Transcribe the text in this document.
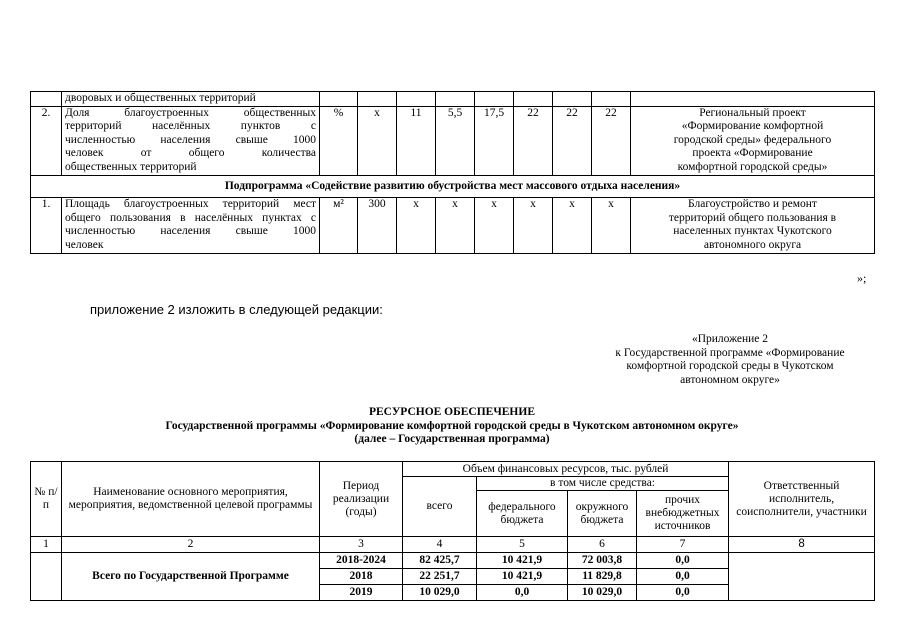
	дворовых и общественных территорий									
2.	Доля благоустроенных общественных
территорий населённых пунктов с
численностью населения свыше 1000
человек от общего количества
общественных территорий	%	x	11	5,5	17,5	22	22	22	Региональный проект
«Формирование комфортной
городской среды» федерального
проекта «Формирование
комфортной городской среды»

Подпрограмма «Содействие развитию обустройства мест массового отдыха населения»										
1.	Площадь благоустроенных территорий мест
общего пользования в населённых пунктах с
численностью населения свыше 1000
человек	м²	300	x	x	x	x	x	x	Благоустройство и ремонт
территорий общего пользования в
населенных пунктах Чукотского
автономного округа
»;
приложение 2 изложить в следующей редакции:
«Приложение 2
к Государственной программе «Формирование
комфортной городской среды в Чукотском
автономном округе»
РЕСУРСНОЕ ОБЕСПЕЧЕНИЕ
Государственной программы «Формирование комфортной городской среды в Чукотском автономном округе»
(далее – Государственная программа)
№ п/п	Наименование основного мероприятия, мероприятия, ведомственной целевой программы	Период реализации (годы)	Объем финансовых ресурсов, тыс. рублей				Ответственный исполнитель, соисполнители, участники
			всего	в том числе средства:			
				федерального бюджета	окружного бюджета	прочих внебюджетных источников	
1	2	3	4	5	6	7	8
	Всего по Государственной Программе	2018-2024	82 425,7	10 421,9	72 003,8	0,0	
		2018	22 251,7	10 421,9	11 829,8	0,0	
		2019	10 029,0	0,0	10 029,0	0,0	
